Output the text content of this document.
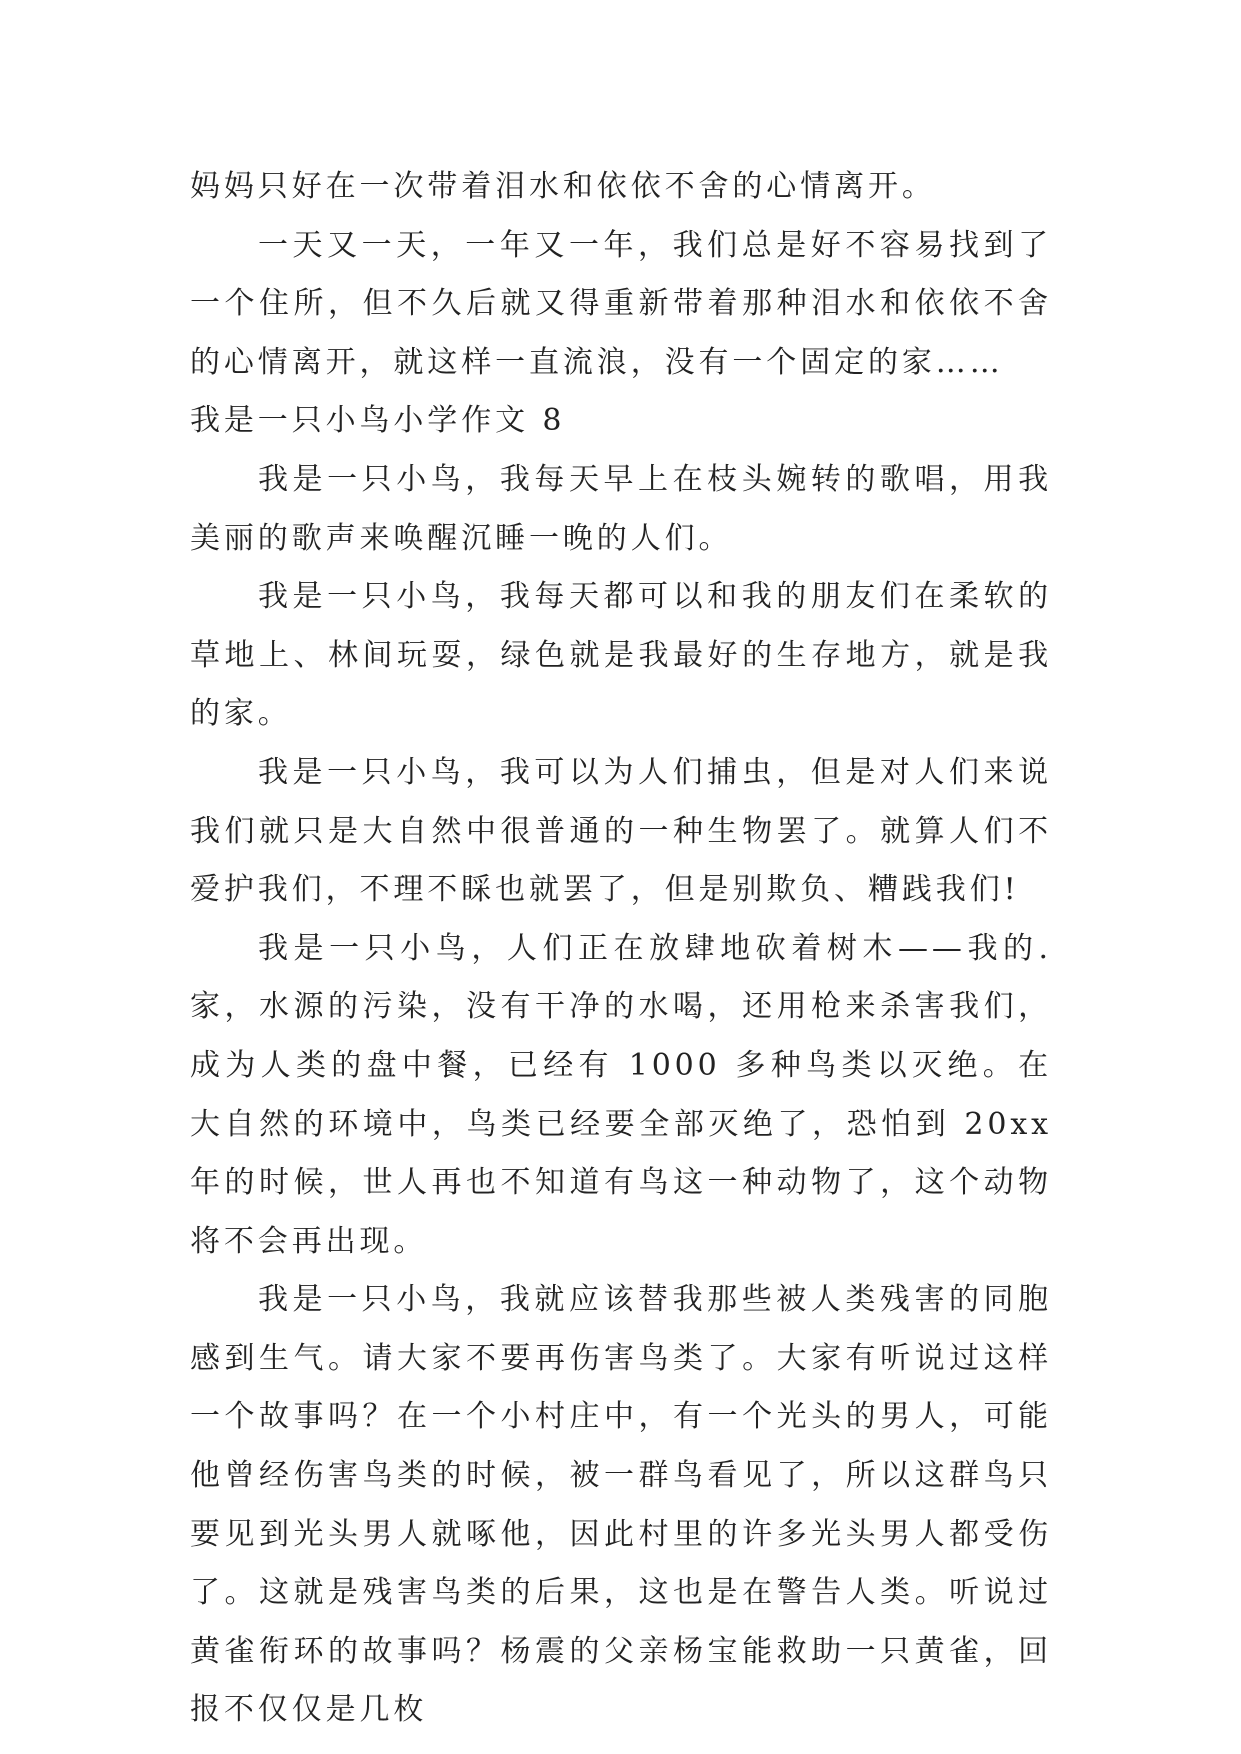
妈妈只好在一次带着泪水和依依不舍的心情离开。

一天又一天，一年又一年，我们总是好不容易找到了一个住所，但不久后就又得重新带着那种泪水和依依不舍的心情离开，就这样一直流浪，没有一个固定的家……

我是一只小鸟小学作文 8

我是一只小鸟，我每天早上在枝头婉转的歌唱，用我美丽的歌声来唤醒沉睡一晚的人们。

我是一只小鸟，我每天都可以和我的朋友们在柔软的草地上、林间玩耍，绿色就是我最好的生存地方，就是我的家。

我是一只小鸟，我可以为人们捕虫，但是对人们来说我们就只是大自然中很普通的一种生物罢了。就算人们不爱护我们，不理不睬也就罢了，但是别欺负、糟践我们!

我是一只小鸟，人们正在放肆地砍着树木——我的.家，水源的污染，没有干净的水喝，还用枪来杀害我们，成为人类的盘中餐，已经有 1000 多种鸟类以灭绝。在大自然的环境中，鸟类已经要全部灭绝了，恐怕到 20xx 年的时候，世人再也不知道有鸟这一种动物了，这个动物将不会再出现。

我是一只小鸟，我就应该替我那些被人类残害的同胞感到生气。请大家不要再伤害鸟类了。大家有听说过这样一个故事吗？在一个小村庄中，有一个光头的男人，可能他曾经伤害鸟类的时候，被一群鸟看见了，所以这群鸟只要见到光头男人就啄他，因此村里的许多光头男人都受伤了。这就是残害鸟类的后果，这也是在警告人类。听说过黄雀衔环的故事吗？杨震的父亲杨宝能救助一只黄雀，回报不仅仅是几枚
